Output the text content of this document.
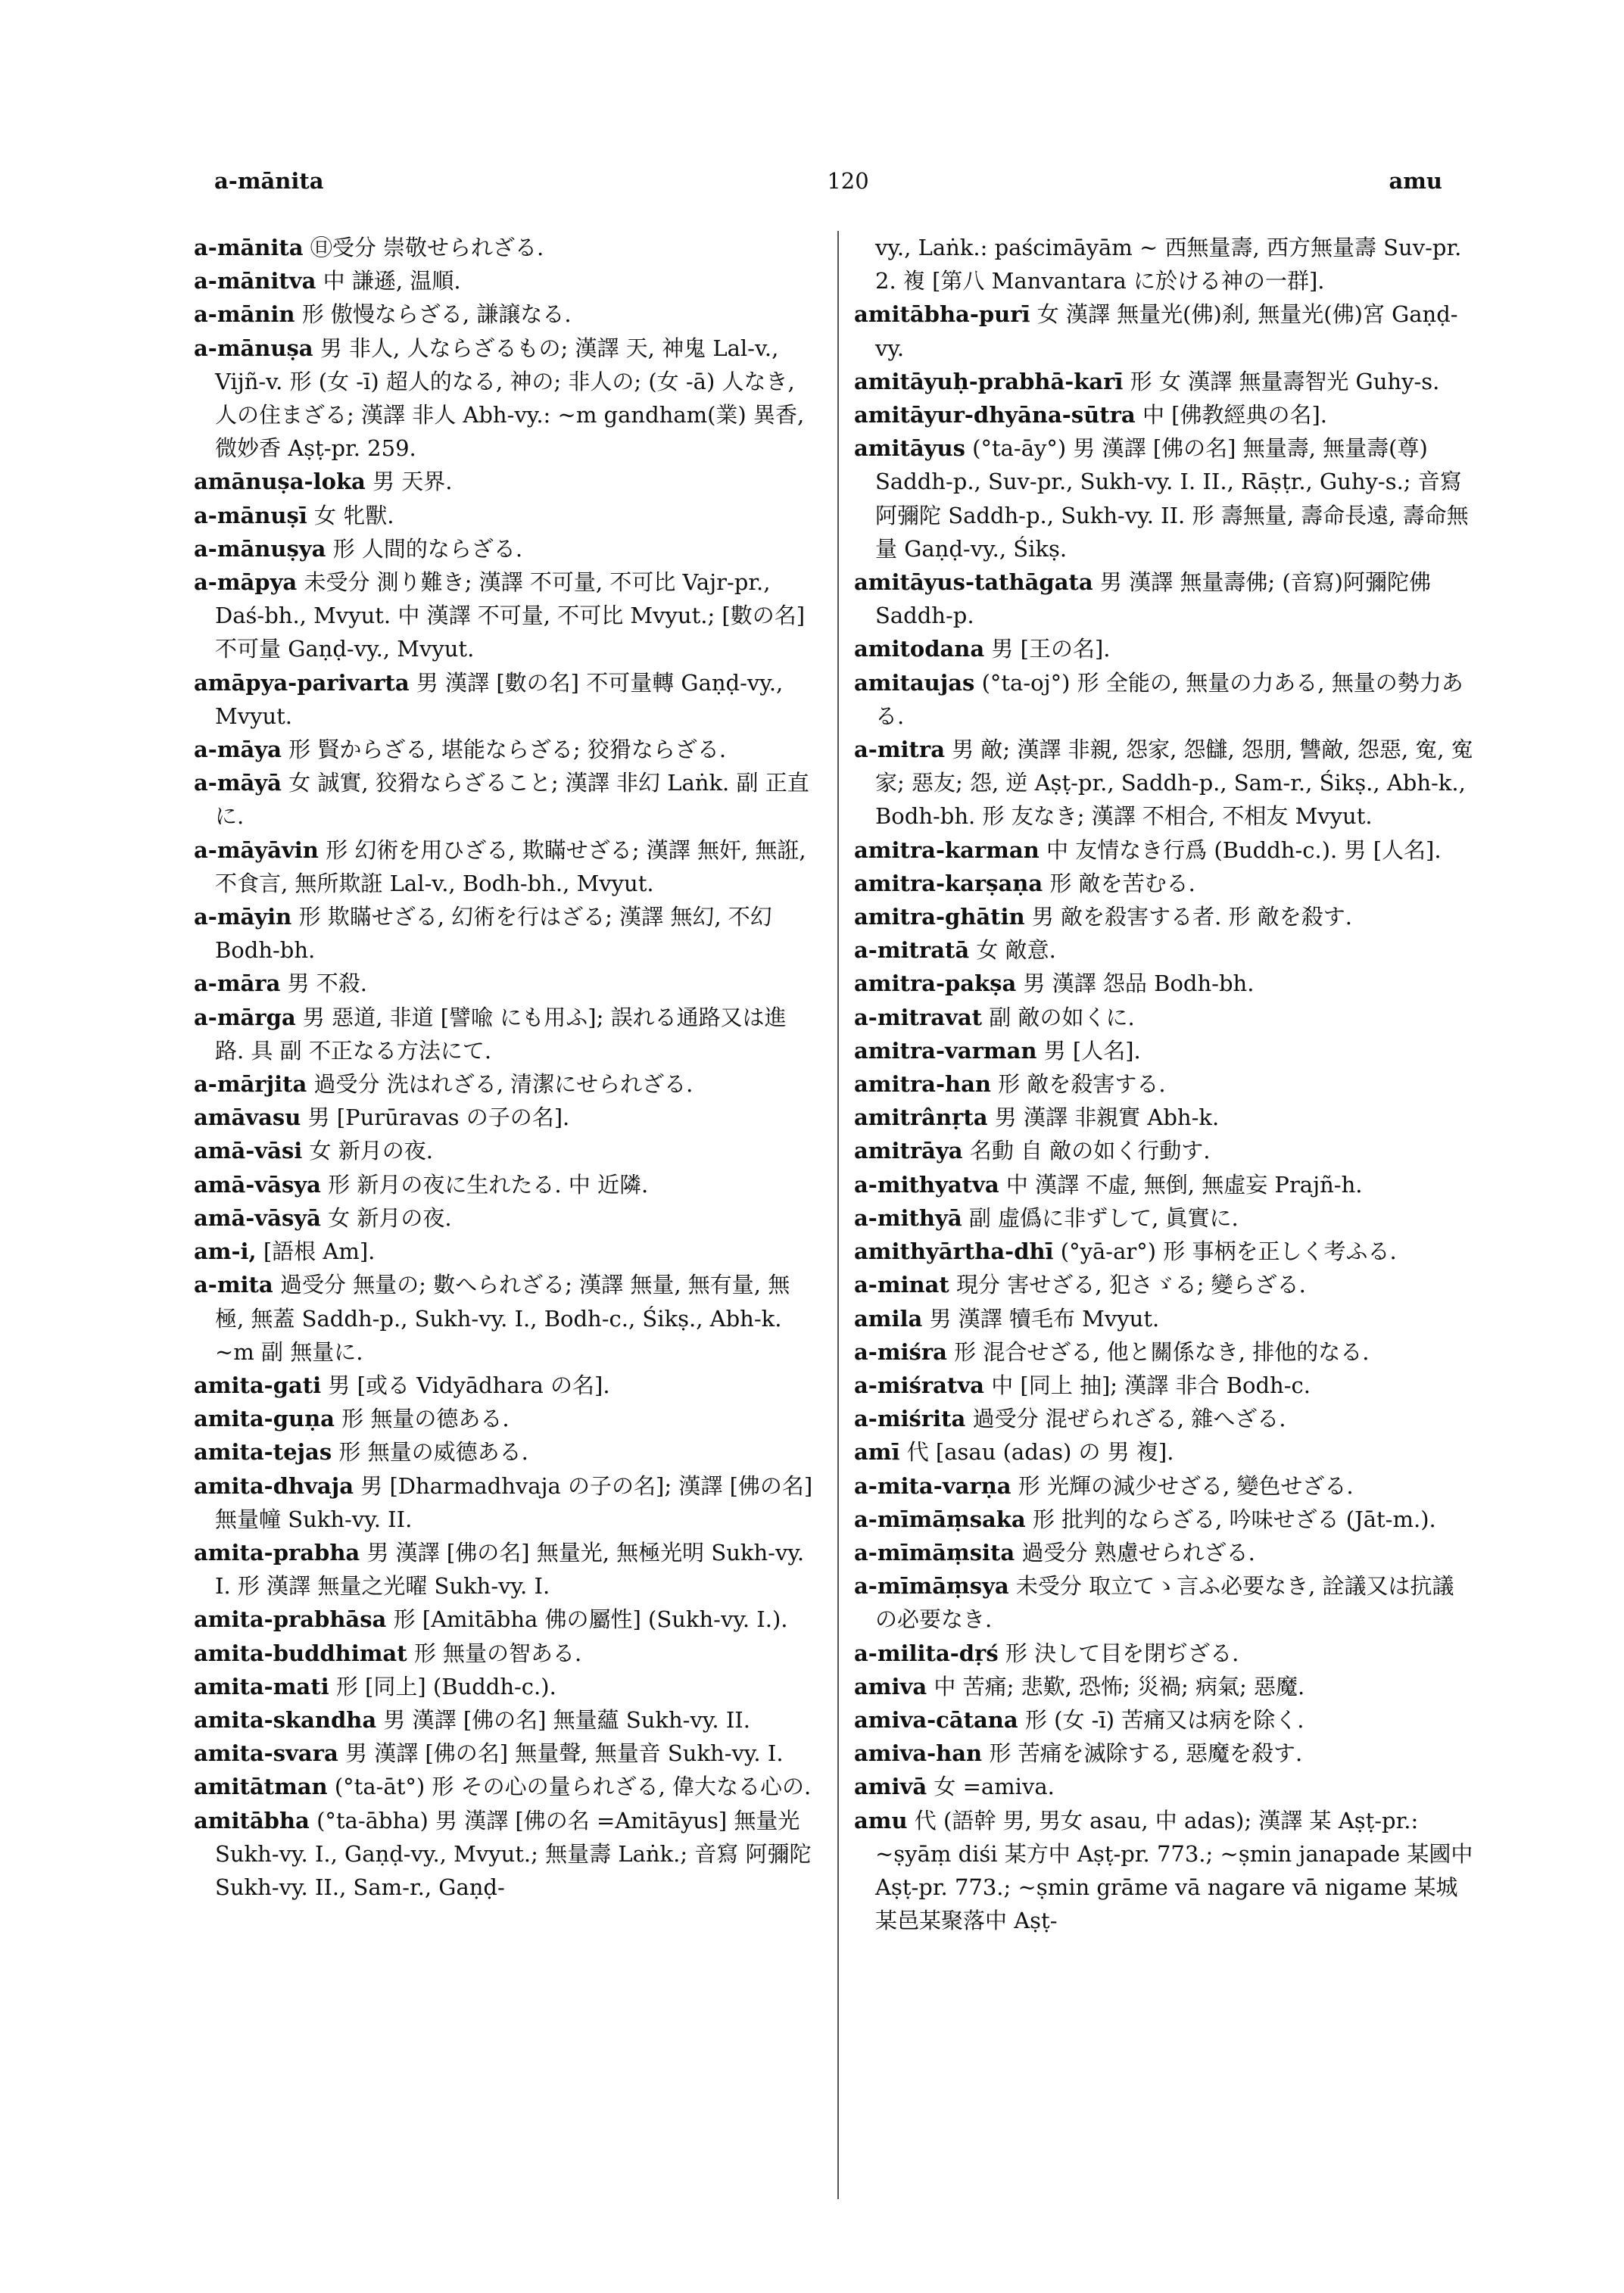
a-mānita	120	amu

a-mānita ㊐受分 崇敬せられざる.

a-mānitva 中 謙遜, 温順.

a-mānin 形 傲慢ならざる, 謙譲なる.

a-mānuṣa 男 非人, 人ならざるもの; 漢譯 天, 神鬼 Lal-v., Vijñ-v. 形 (女 -ī) 超人的なる, 神の; 非人の; (女 -ā) 人なき, 人の住まざる; 漢譯 非人 Abh-vy.: ~m gandham(業) 異香, 微妙香 Aṣṭ-pr. 259.

amānuṣa-loka 男 天界.

a-mānuṣī 女 牝獸.

a-mānuṣya 形 人間的ならざる.

a-māpya 未受分 測り難き; 漢譯 不可量, 不可比 Vajr-pr., Daś-bh., Mvyut. 中 漢譯 不可量, 不可比 Mvyut.; [數の名] 不可量 Gaṇḍ-vy., Mvyut.

amāpya-parivarta 男 漢譯 [數の名] 不可量轉 Gaṇḍ-vy., Mvyut.

a-māya 形 賢からざる, 堪能ならざる; 狡猾ならざる.

a-māyā 女 誠實, 狡猾ならざること; 漢譯 非幻 Laṅk. 副 正直に.

a-māyāvin 形 幻術を用ひざる, 欺瞞せざる; 漢譯 無奸, 無誑, 不食言, 無所欺誑 Lal-v., Bodh-bh., Mvyut.

a-māyin 形 欺瞞せざる, 幻術を行はざる; 漢譯 無幻, 不幻 Bodh-bh.

a-māra 男 不殺.

a-mārga 男 惡道, 非道 [譬喩 にも用ふ]; 誤れる通路又は進路. 具 副 不正なる方法にて.

a-mārjita 過受分 洗はれざる, 清潔にせられざる.

amāvasu 男 [Purūravas の子の名].

amā-vāsi 女 新月の夜.

amā-vāsya 形 新月の夜に生れたる. 中 近隣.

amā-vāsyā 女 新月の夜.

am-i, [語根 Am].

a-mita 過受分 無量の; 數へられざる; 漢譯 無量, 無有量, 無極, 無蓋 Saddh-p., Sukh-vy. I., Bodh-c., Śikṣ., Abh-k. ~m 副 無量に.

amita-gati 男 [或る Vidyādhara の名].

amita-guṇa 形 無量の德ある.

amita-tejas 形 無量の威德ある.

amita-dhvaja 男 [Dharmadhvaja の子の名]; 漢譯 [佛の名] 無量幢 Sukh-vy. II.

amita-prabha 男 漢譯 [佛の名] 無量光, 無極光明 Sukh-vy. I. 形 漢譯 無量之光曜 Sukh-vy. I.

amita-prabhāsa 形 [Amitābha 佛の屬性] (Sukh-vy. I.).

amita-buddhimat 形 無量の智ある.

amita-mati 形 [同上] (Buddh-c.).

amita-skandha 男 漢譯 [佛の名] 無量蘊 Sukh-vy. II.

amita-svara 男 漢譯 [佛の名] 無量聲, 無量音 Sukh-vy. I.

amitātman (°ta-āt°) 形 その心の量られざる, 偉大なる心の.

amitābha (°ta-ābha) 男 漢譯 [佛の名 =Amitāyus] 無量光 Sukh-vy. I., Gaṇḍ-vy., Mvyut.; 無量壽 Laṅk.; 音寫 阿彌陀 Sukh-vy. II., Sam-r., Gaṇḍ-

vy., Laṅk.: paścimāyām ~ 西無量壽, 西方無量壽 Suv-pr. 2. 複 [第八 Manvantara に於ける神の一群].

amitābha-purī 女 漢譯 無量光(佛)刹, 無量光(佛)宮 Gaṇḍ-vy.

amitāyuḥ-prabhā-karī 形 女 漢譯 無量壽智光 Guhy-s.

amitāyur-dhyāna-sūtra 中 [佛教經典の名].

amitāyus (°ta-āy°) 男 漢譯 [佛の名] 無量壽, 無量壽(尊) Saddh-p., Suv-pr., Sukh-vy. I. II., Rāṣṭr., Guhy-s.; 音寫 阿彌陀 Saddh-p., Sukh-vy. II. 形 壽無量, 壽命長遠, 壽命無量 Gaṇḍ-vy., Śikṣ.

amitāyus-tathāgata 男 漢譯 無量壽佛; (音寫)阿彌陀佛 Saddh-p.

amitodana 男 [王の名].

amitaujas (°ta-oj°) 形 全能の, 無量の力ある, 無量の勢力ある.

a-mitra 男 敵; 漢譯 非親, 怨家, 怨讎, 怨朋, 讐敵, 怨惡, 寃, 寃家; 惡友; 怨, 逆 Aṣṭ-pr., Saddh-p., Sam-r., Śikṣ., Abh-k., Bodh-bh. 形 友なき; 漢譯 不相合, 不相友 Mvyut.

amitra-karman 中 友情なき行爲 (Buddh-c.). 男 [人名].

amitra-karṣaṇa 形 敵を苦むる.

amitra-ghātin 男 敵を殺害する者. 形 敵を殺す.

a-mitratā 女 敵意.

amitra-pakṣa 男 漢譯 怨品 Bodh-bh.

a-mitravat 副 敵の如くに.

amitra-varman 男 [人名].

amitra-han 形 敵を殺害する.

amitrânṛta 男 漢譯 非親實 Abh-k.

amitrāya 名動 自 敵の如く行動す.

a-mithyatva 中 漢譯 不虛, 無倒, 無虛妄 Prajñ-h.

a-mithyā 副 虛僞に非ずして, 眞實に.

amithyārtha-dhī (°yā-ar°) 形 事柄を正しく考ふる.

a-minat 現分 害せざる, 犯さゞる; 變らざる.

amila 男 漢譯 犢毛布 Mvyut.

a-miśra 形 混合せざる, 他と關係なき, 排他的なる.

a-miśratva 中 [同上 抽]; 漢譯 非合 Bodh-c.

a-miśrita 過受分 混ぜられざる, 雜へざる.

amī 代 [asau (adas) の 男 複].

a-mita-varṇa 形 光輝の減少せざる, 變色せざる.

a-mīmāṃsaka 形 批判的ならざる, 吟味せざる (Jāt-m.).

a-mīmāṃsita 過受分 熟慮せられざる.

a-mīmāṃsya 未受分 取立てゝ言ふ必要なき, 詮議又は抗議の必要なき.

a-milita-dṛś 形 決して目を閉ぢざる.

amiva 中 苦痛; 悲歎, 恐怖; 災禍; 病氣; 惡魔.

amiva-cātana 形 (女 -ī) 苦痛又は病を除く.

amiva-han 形 苦痛を滅除する, 惡魔を殺す.

amivā 女 =amiva.

amu 代 (語幹 男, 男女 asau, 中 adas); 漢譯 某 Aṣṭ-pr.: ~ṣyāṃ diśi 某方中 Aṣṭ-pr. 773.; ~ṣmin janapade 某國中 Aṣṭ-pr. 773.; ~ṣmin grāme vā nagare vā nigame 某城某邑某聚落中 Aṣṭ-
